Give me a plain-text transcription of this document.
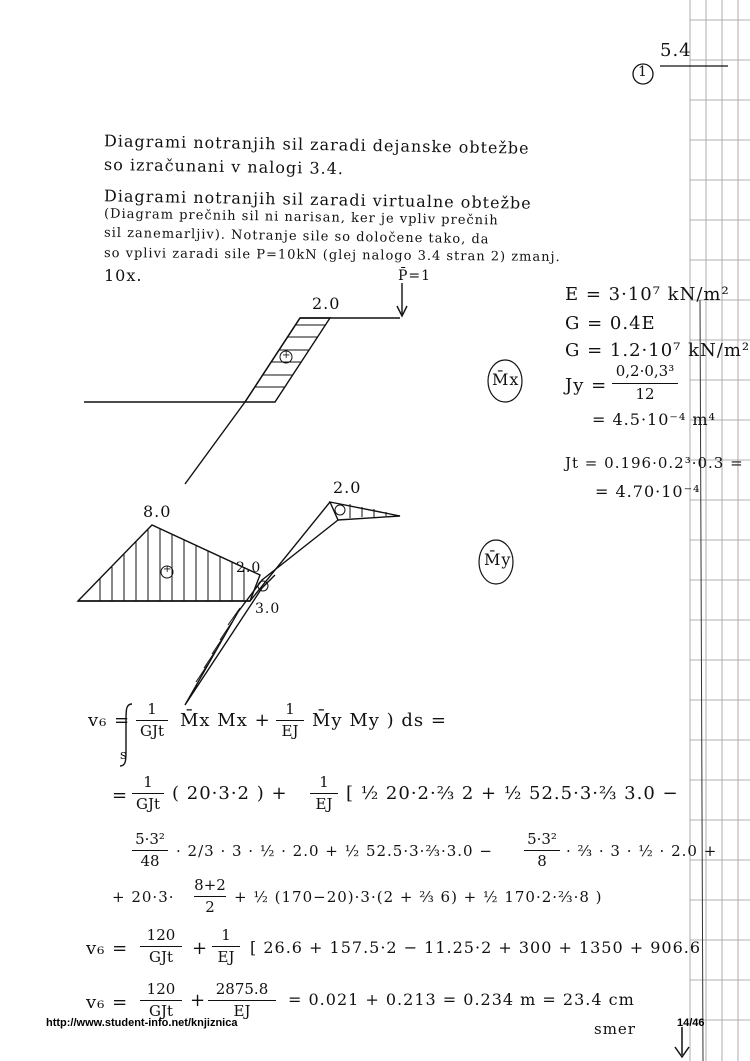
5.4
1
Diagrami notranjih sil zaradi dejanske obtežbe
so izračunani v nalogi 3.4.
Diagrami notranjih sil zaradi virtualne obtežbe
(Diagram prečnih sil ni narisan, ker je vpliv prečnih
sil zanemarljiv). Notranje sile so določene tako, da
so vplivi zaradi sile P=10kN (glej nalogo 3.4 stran 2) zmanj.
10x.
2.0
P̄=1
+
M̄x
8.0
2.0
3.0
2.0
+
M̄y
E = 3·10⁷ kN/m²
G = 0.4E
G = 1.2·10⁷ kN/m²
Jy =
0,2·0,3³
12
= 4.5·10⁻⁴ m⁴
Jt = 0.196·0.2³·0.3 =
= 4.70·10⁻⁴
v₆ =
s
1
GJt M̄x Mx +
1
EJ M̄y My ) ds =
=
1
GJt ( 20·3·2 ) +
1
EJ [ ½ 20·2·⅔ 2 + ½ 52.5·3·⅔ 3.0 −
5·3²
48
· 2/3 · 3 · ½ · 2.0 + ½ 52.5·3·⅔·3.0 −
5·3²
8
· ⅔ · 3 · ½ · 2.0 +
+ 20·3·
8+2
2
+ ½ (170−20)·3·(2 + ⅔ 6) + ½ 170·2·⅔·8 )
v₆ =
120
GJt	+
1
EJ [ 26.6 + 157.5·2 − 11.25·2 + 300 + 1350 + 906.6
v₆ =
120
GJt +
2875.8
EJ
= 0.021 + 0.213 = 0.234 m = 23.4 cm
smer
http://www.student-info.net/knjiznica	14/46
